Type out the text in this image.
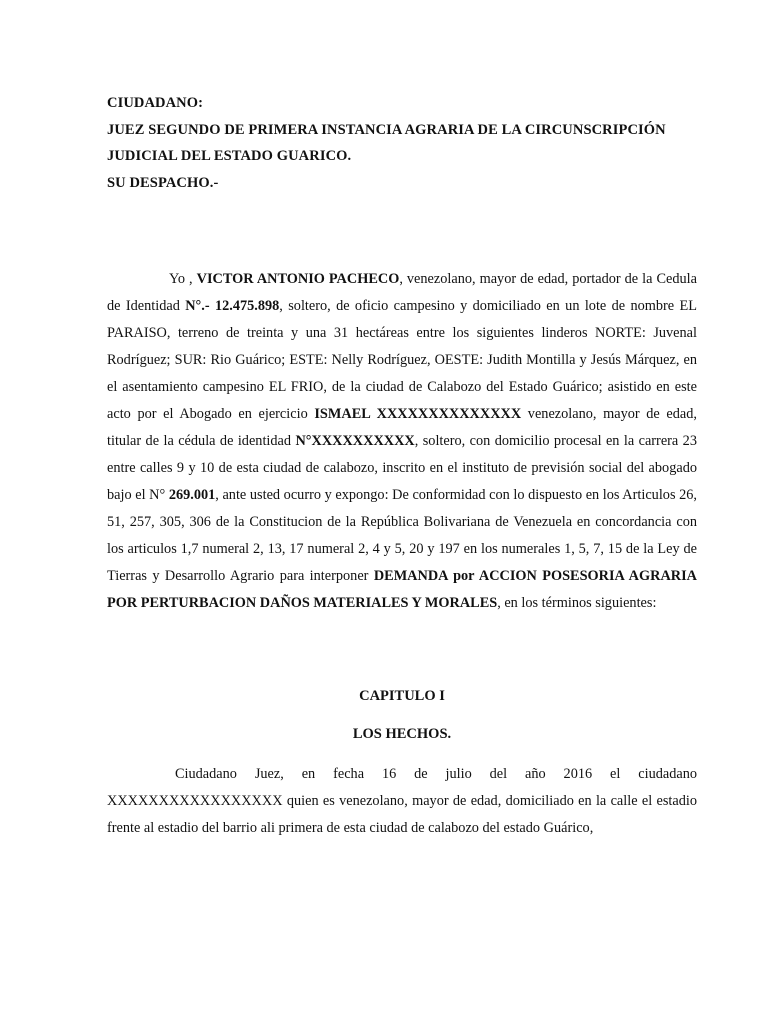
CIUDADANO:
JUEZ SEGUNDO DE PRIMERA INSTANCIA AGRARIA DE LA CIRCUNSCRIPCIÓN
JUDICIAL DEL ESTADO GUARICO.
SU DESPACHO.-

Yo , VICTOR ANTONIO PACHECO, venezolano, mayor de edad, portador de la Cedula de Identidad N°.- 12.475.898, soltero, de oficio campesino y domiciliado en un lote de nombre EL PARAISO, terreno de treinta y una 31 hectáreas entre los siguientes linderos NORTE: Juvenal Rodríguez; SUR: Rio Guárico; ESTE: Nelly Rodríguez, OESTE: Judith Montilla y Jesús Márquez, en el asentamiento campesino EL FRIO, de la ciudad de Calabozo del Estado Guárico; asistido en este acto por el Abogado en ejercicio ISMAEL XXXXXXXXXXXXXX venezolano, mayor de edad, titular de la cédula de identidad N°XXXXXXXXXX, soltero, con domicilio procesal en la carrera 23 entre calles 9 y 10 de esta ciudad de calabozo, inscrito en el instituto de previsión social del abogado bajo el N° 269.001, ante usted ocurro y expongo: De conformidad con lo dispuesto en los Articulos 26, 51, 257, 305, 306 de la Constitucion de la República Bolivariana de Venezuela en concordancia con los articulos 1,7 numeral 2, 13, 17 numeral 2, 4 y 5, 20 y 197 en los numerales 1, 5, 7, 15 de la Ley de Tierras y Desarrollo Agrario para interponer DEMANDA por ACCION POSESORIA AGRARIA POR PERTURBACION DAÑOS MATERIALES Y MORALES, en los términos siguientes:

CAPITULO I
LOS HECHOS.

Ciudadano Juez, en fecha 16 de julio del año 2016 el ciudadano XXXXXXXXXXXXXXXXX quien es venezolano, mayor de edad, domiciliado en la calle el estadio frente al estadio del barrio ali primera de esta ciudad de calabozo del estado Guárico,
